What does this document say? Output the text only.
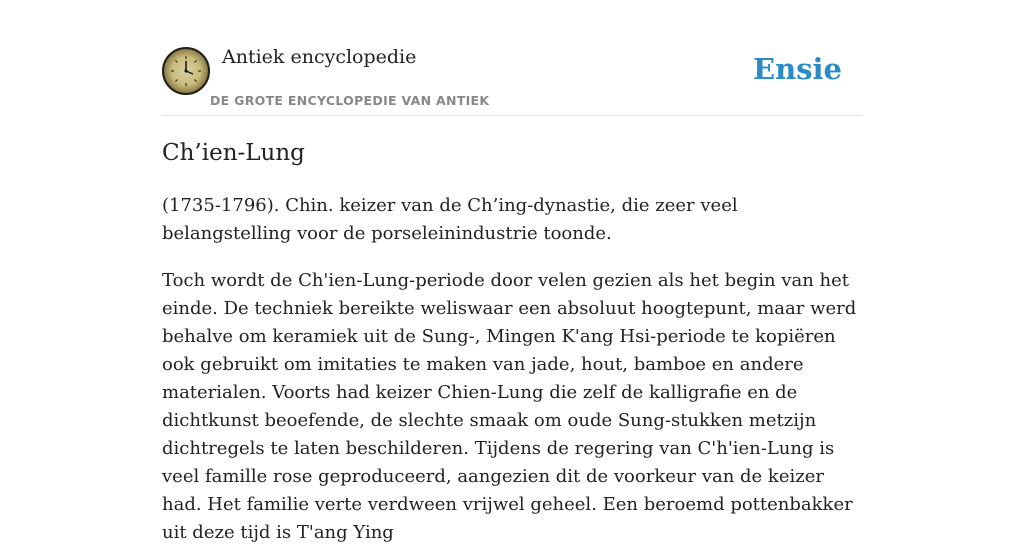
Antiek encyclopedie
DE GROTE ENCYCLOPEDIE VAN ANTIEK
Ensie
Ch’ien-Lung

(1735-1796). Chin. keizer van de Ch’ing-dynastie, die zeer veel belangstelling voor de porseleinindustrie toonde.

Toch wordt de Ch'ien-Lung-periode door velen gezien als het begin van het einde. De techniek bereikte weliswaar een absoluut hoogtepunt, maar werd behalve om keramiek uit de Sung-, Mingen K'ang Hsi-periode te kopiëren ook gebruikt om imitaties te maken van jade, hout, bamboe en andere materialen. Voorts had keizer Chien-Lung die zelf de kalligrafie en de dichtkunst beoefende, de slechte smaak om oude Sung-stukken metzijn dichtregels te laten beschilderen. Tijdens de regering van C'h'ien-Lung is veel famille rose geproduceerd, aangezien dit de voorkeur van de keizer had. Het familie verte verdween vrijwel geheel. Een beroemd pottenbakker uit deze tijd is T'ang Ying
